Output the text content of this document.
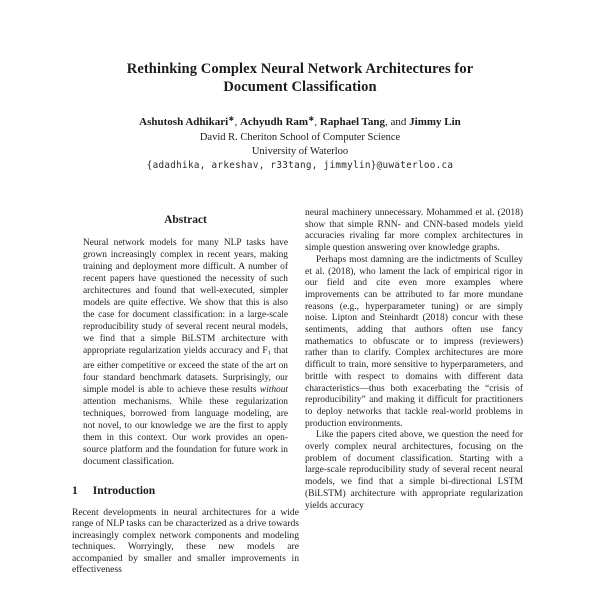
Rethinking Complex Neural Network Architectures for
Document Classification
Ashutosh Adhikari∗, Achyudh Ram∗, Raphael Tang, and Jimmy Lin
David R. Cheriton School of Computer Science
University of Waterloo
{adadhika, arkeshav, r33tang, jimmylin}@uwaterloo.ca
Abstract

Neural network models for many NLP tasks have grown increasingly complex in recent years, making training and deployment more difficult. A number of recent papers have questioned the necessity of such architectures and found that well-executed, simpler models are quite effective. We show that this is also the case for document classification: in a large-scale reproducibility study of several recent neural models, we find that a simple BiLSTM architecture with appropriate regularization yields accuracy and $F_1$ that are either competitive or exceed the state of the art on four standard benchmark datasets. Surprisingly, our simple model is able to achieve these results without attention mechanisms. While these regularization techniques, borrowed from language modeling, are not novel, to our knowledge we are the first to apply them in this context. Our work provides an open-source platform and the foundation for future work in document classification.

1 Introduction

Recent developments in neural architectures for a wide range of NLP tasks can be characterized as a drive towards increasingly complex network components and modeling techniques. Worryingly, these new models are accompanied by smaller and smaller improvements in effectiveness

neural machinery unnecessary. Mohammed et al. (2018) show that simple RNN- and CNN-based models yield accuracies rivaling far more complex architectures in simple question answering over knowledge graphs.

Perhaps most damning are the indictments of Sculley et al. (2018), who lament the lack of empirical rigor in our field and cite even more examples where improvements can be attributed to far more mundane reasons (e.g., hyperparameter tuning) or are simply noise. Lipton and Steinhardt (2018) concur with these sentiments, adding that authors often use fancy mathematics to obfuscate or to impress (reviewers) rather than to clarify. Complex architectures are more difficult to train, more sensitive to hyperparameters, and brittle with respect to domains with different data characteristics—thus both exacerbating the “crisis of reproducibility” and making it difficult for practitioners to deploy networks that tackle real-world problems in production environments.

Like the papers cited above, we question the need for overly complex neural architectures, focusing on the problem of document classification. Starting with a large-scale reproducibility study of several recent neural models, we find that a simple bi-directional LSTM (BiLSTM) architecture with appropriate regularization yields accuracy
